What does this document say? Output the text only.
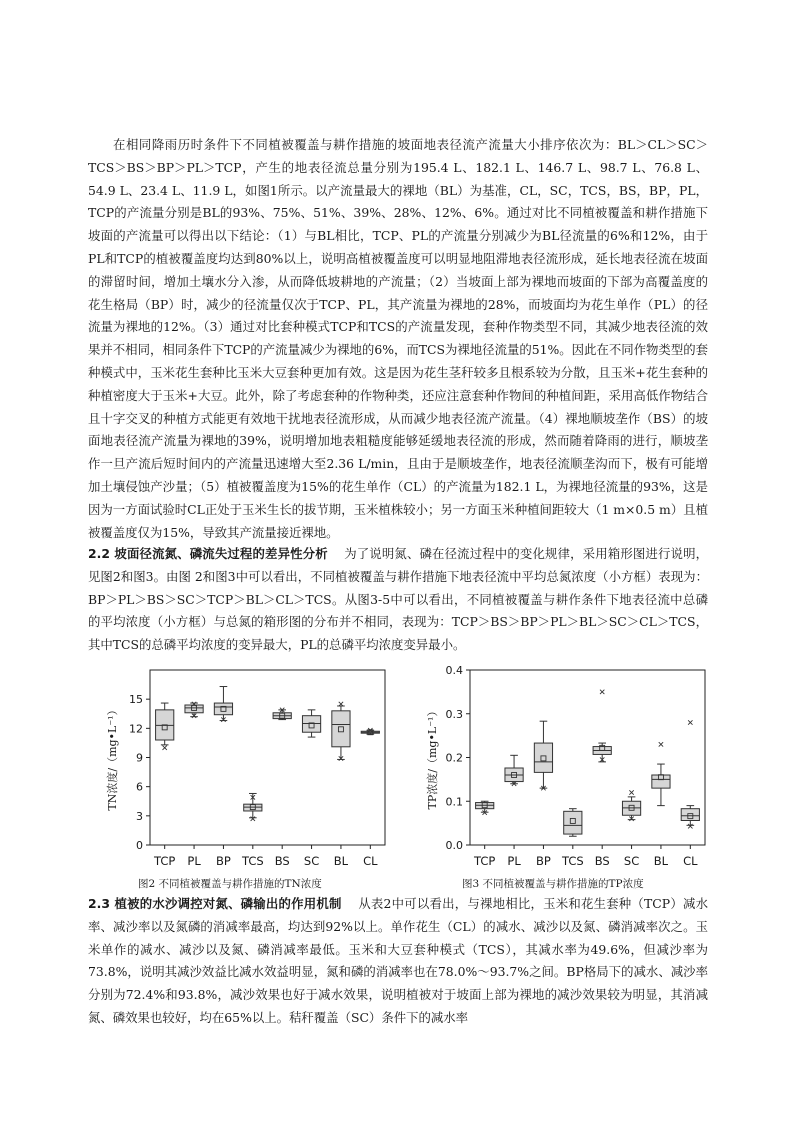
在相同降雨历时条件下不同植被覆盖与耕作措施的坡面地表径流产流量大小排序依次为：BL＞CL＞SC＞TCS＞BS＞BP＞PL＞TCP，产生的地表径流总量分别为195.4 L、182.1 L、146.7 L、98.7 L、76.8 L、54.9 L、23.4 L、11.9 L，如图1所示。以产流量最大的裸地（BL）为基准，CL，SC，TCS，BS，BP，PL，TCP的产流量分别是BL的93%、75%、51%、39%、28%、12%、6%。通过对比不同植被覆盖和耕作措施下坡面的产流量可以得出以下结论：（1）与BL相比，TCP、PL的产流量分别减少为BL径流量的6%和12%，由于PL和TCP的植被覆盖度均达到80%以上，说明高植被覆盖度可以明显地阻滞地表径流形成，延长地表径流在坡面的滞留时间，增加土壤水分入渗，从而降低坡耕地的产流量；（2）当坡面上部为裸地而坡面的下部为高覆盖度的花生格局（BP）时，减少的径流量仅次于TCP、PL，其产流量为裸地的28%，而坡面均为花生单作（PL）的径流量为裸地的12%。（3）通过对比套种模式TCP和TCS的产流量发现，套种作物类型不同，其减少地表径流的效果并不相同，相同条件下TCP的产流量减少为裸地的6%，而TCS为裸地径流量的51%。因此在不同作物类型的套种模式中，玉米花生套种比玉米大豆套种更加有效。这是因为花生茎秆较多且根系较为分散，且玉米+花生套种的种植密度大于玉米+大豆。此外，除了考虑套种的作物种类，还应注意套种作物间的种植间距，采用高低作物结合且十字交叉的种植方式能更有效地干扰地表径流形成，从而减少地表径流产流量。（4）裸地顺坡垄作（BS）的坡面地表径流产流量为裸地的39%，说明增加地表粗糙度能够延缓地表径流的形成，然而随着降雨的进行，顺坡垄作一旦产流后短时间内的产流量迅速增大至2.36 L/min，且由于是顺坡垄作，地表径流顺垄沟而下，极有可能增加土壤侵蚀产沙量；（5）植被覆盖度为15%的花生单作（CL）的产流量为182.1 L，为裸地径流量的93%，这是因为一方面试验时CL正处于玉米生长的拔节期，玉米植株较小；另一方面玉米种植间距较大（1 m×0.5 m）且植被覆盖度仅为15%，导致其产流量接近裸地。

2.2 坡面径流氮、磷流失过程的差异性分析 为了说明氮、磷在径流过程中的变化规律，采用箱形图进行说明，见图2和图3。由图 2和图3中可以看出，不同植被覆盖与耕作措施下地表径流中平均总氮浓度（小方框）表现为：BP＞PL＞BS＞SC＞TCP＞BL＞CL＞TCS。从图3-5中可以看出，不同植被覆盖与耕作条件下地表径流中总磷的平均浓度（小方框）与总氮的箱形图的分布并不相同，表现为：TCP＞BS＞BP＞PL＞BL＞SC＞CL＞TCS，其中TCS的总磷平均浓度的变异最大，PL的总磷平均浓度变异最小。

0
3
6
9
12
15
TN浓度/（mg•L⁻¹）
TCP PL BP TCS BS SC BL CL
0.0
0.1
0.2
0.3
0.4
TP浓度/（mg•L⁻¹）
TCP PL BP TCS BS SC BL CL
图2 不同植被覆盖与耕作措施的TN浓度	图3 不同植被覆盖与耕作措施的TP浓度

2.3 植被的水沙调控对氮、磷输出的作用机制 从表2中可以看出，与裸地相比，玉米和花生套种（TCP）减水率、减沙率以及氮磷的消减率最高，均达到92%以上。单作花生（CL）的减水、减沙以及氮、磷消减率次之。玉米单作的减水、减沙以及氮、磷消减率最低。玉米和大豆套种模式（TCS），其减水率为49.6%，但减沙率为73.8%，说明其减沙效益比减水效益明显，氮和磷的消减率也在78.0%～93.7%之间。BP格局下的减水、减沙率分别为72.4%和93.8%，减沙效果也好于减水效果，说明植被对于坡面上部为裸地的减沙效果较为明显，其消减氮、磷效果也较好，均在65%以上。秸秆覆盖（SC）条件下的减水率
